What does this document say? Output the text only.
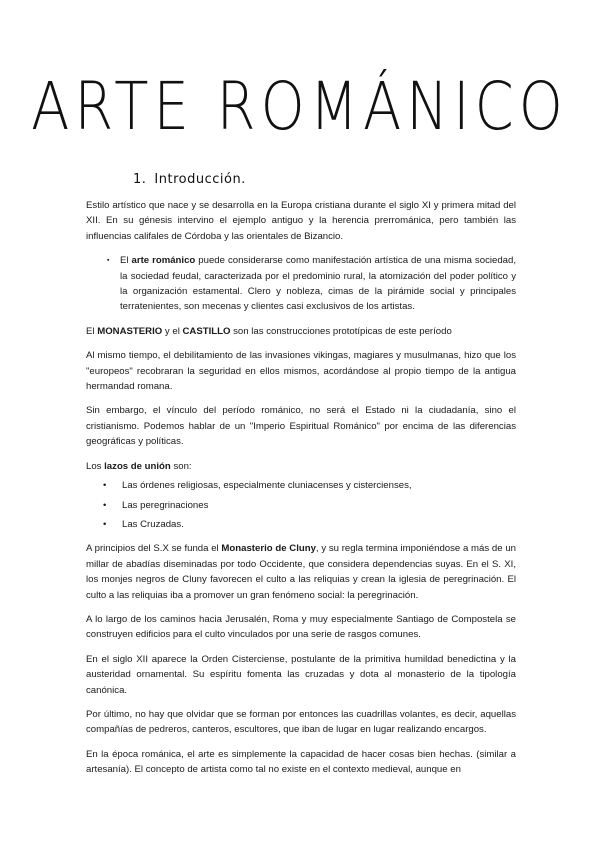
ARTE ROMÁNICO
1. Introducción.

Estilo artístico que nace y se desarrolla en la Europa cristiana durante el siglo XI y primera mitad del XII. En su génesis intervino el ejemplo antiguo y la herencia prerrománica, pero también las influencias califales de Córdoba y las orientales de Bizancio.

▪ El arte románico puede considerarse como manifestación artística de una misma sociedad, la sociedad feudal, caracterizada por el predominio rural, la atomización del poder político y la organización estamental. Clero y nobleza, cimas de la pirámide social y principales terratenientes, son mecenas y clientes casi exclusivos de los artistas.

El MONASTERIO y el CASTILLO son las construcciones prototípicas de este período

Al mismo tiempo, el debilitamiento de las invasiones vikingas, magiares y musulmanas, hizo que los "europeos" recobraran la seguridad en ellos mismos, acordándose al propio tiempo de la antigua hermandad romana.

Sin embargo, el vínculo del período románico, no será el Estado ni la ciudadanía, sino el cristianismo. Podemos hablar de un "Imperio Espiritual Románico" por encima de las diferencias geográficas y políticas.

Los lazos de unión son:

• Las órdenes religiosas, especialmente cluniacenses y cistercienses,
• Las peregrinaciones
• Las Cruzadas.

A principios del S.X se funda el Monasterio de Cluny, y su regla termina imponiéndose a más de un millar de abadías diseminadas por todo Occidente, que considera dependencias suyas. En el S. XI, los monjes negros de Cluny favorecen el culto a las reliquias y crean la iglesia de peregrinación. El culto a las reliquias iba a promover un gran fenómeno social: la peregrinación.

A lo largo de los caminos hacia Jerusalén, Roma y muy especialmente Santiago de Compostela se construyen edificios para el culto vinculados por una serie de rasgos comunes.

En el siglo XII aparece la Orden Cisterciense, postulante de la primitiva humildad benedictina y la austeridad ornamental. Su espíritu fomenta las cruzadas y dota al monasterio de la tipología canónica.

Por último, no hay que olvidar que se forman por entonces las cuadrillas volantes, es decir, aquellas compañías de pedreros, canteros, escultores, que iban de lugar en lugar realizando encargos.

En la época románica, el arte es simplemente la capacidad de hacer cosas bien hechas. (similar a artesanía). El concepto de artista como tal no existe en el contexto medieval, aunque en
